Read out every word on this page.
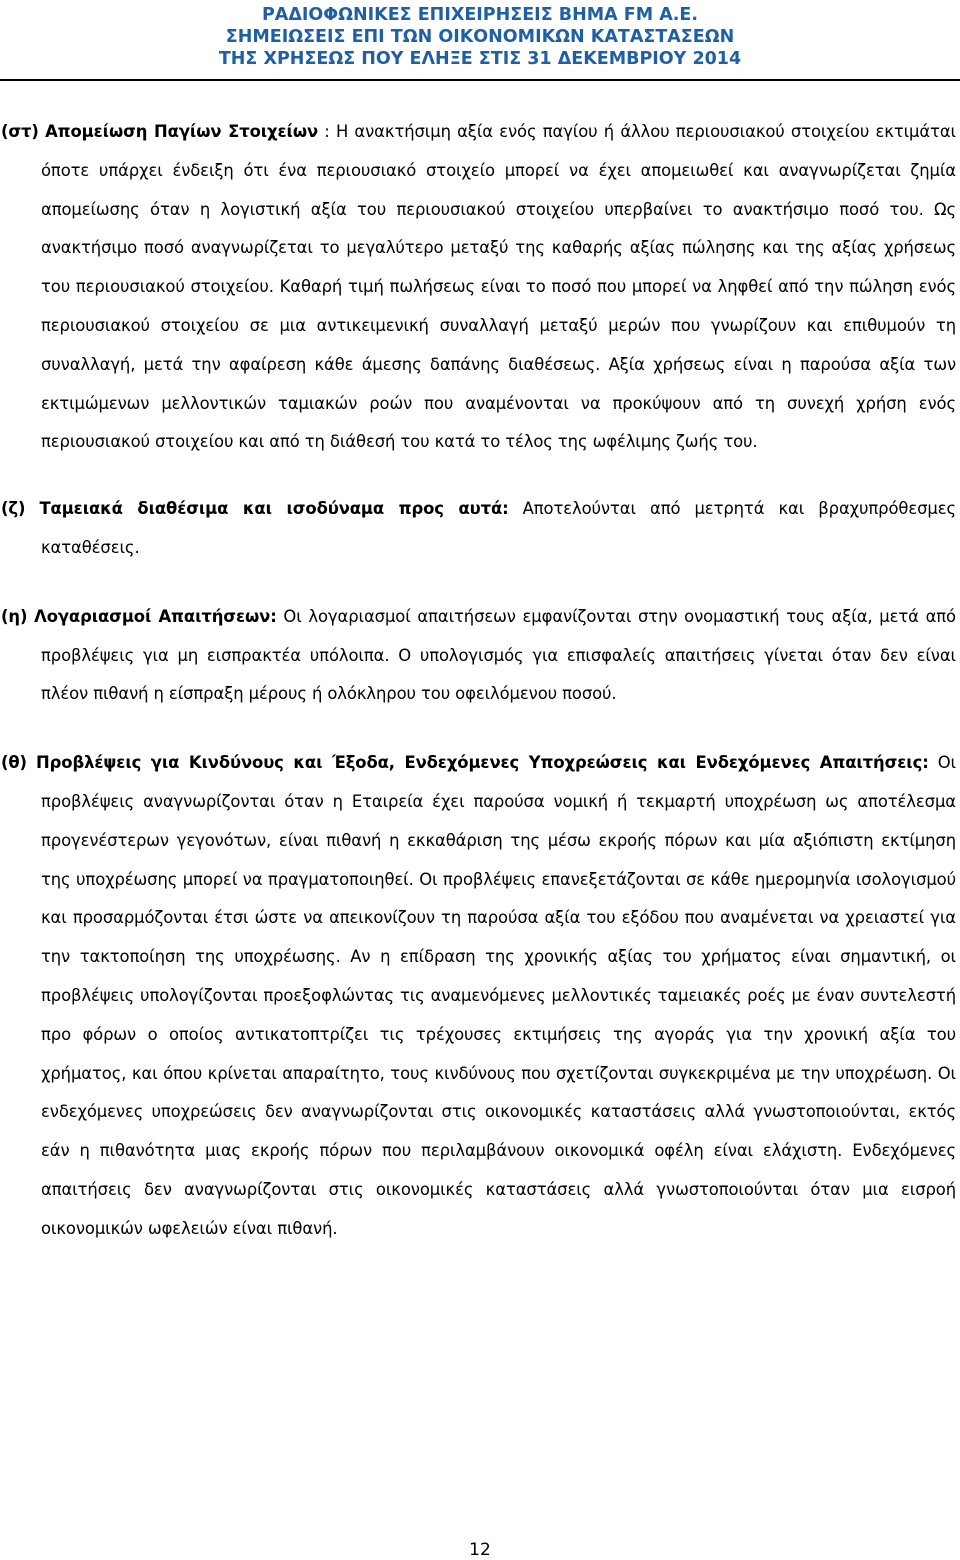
ΡΑΔΙΟΦΩΝΙΚΕΣ ΕΠΙΧΕΙΡΗΣΕΙΣ ΒΗΜΑ FM Α.Ε.
ΣΗΜΕΙΩΣΕΙΣ ΕΠΙ ΤΩΝ ΟΙΚΟΝΟΜΙΚΩΝ ΚΑΤΑΣΤΑΣΕΩΝ
ΤΗΣ ΧΡΗΣΕΩΣ ΠΟΥ ΕΛΗΞΕ ΣΤΙΣ 31 ΔΕΚΕΜΒΡΙΟΥ 2014

(στ) Απομείωση Παγίων Στοιχείων : Η ανακτήσιμη αξία ενός παγίου ή άλλου περιουσιακού στοιχείου εκτιμάται όποτε υπάρχει ένδειξη ότι ένα περιουσιακό στοιχείο μπορεί να έχει απομειωθεί και αναγνωρίζεται ζημία απομείωσης όταν η λογιστική αξία του περιουσιακού στοιχείου υπερβαίνει το ανακτήσιμο ποσό του. Ως ανακτήσιμο ποσό αναγνωρίζεται το μεγαλύτερο μεταξύ της καθαρής αξίας πώλησης και της αξίας χρήσεως του περιουσιακού στοιχείου. Καθαρή τιμή πωλήσεως είναι το ποσό που μπορεί να ληφθεί από την πώληση ενός περιουσιακού στοιχείου σε μια αντικειμενική συναλλαγή μεταξύ μερών που γνωρίζουν και επιθυμούν τη συναλλαγή, μετά την αφαίρεση κάθε άμεσης δαπάνης διαθέσεως. Αξία χρήσεως είναι η παρούσα αξία των εκτιμώμενων μελλοντικών ταμιακών ροών που αναμένονται να προκύψουν από τη συνεχή χρήση ενός περιουσιακού στοιχείου και από τη διάθεσή του κατά το τέλος της ωφέλιμης ζωής του.

(ζ) Ταμειακά διαθέσιμα και ισοδύναμα προς αυτά: Αποτελούνται από μετρητά και βραχυπρόθεσμες καταθέσεις.

(η) Λογαριασμοί Απαιτήσεων: Οι λογαριασμοί απαιτήσεων εμφανίζονται στην ονομαστική τους αξία, μετά από προβλέψεις για μη εισπρακτέα υπόλοιπα. Ο υπολογισμός για επισφαλείς απαιτήσεις γίνεται όταν δεν είναι πλέον πιθανή η είσπραξη μέρους ή ολόκληρου του οφειλόμενου ποσού.

(θ) Προβλέψεις για Κινδύνους και Έξοδα, Ενδεχόμενες Υποχρεώσεις και Ενδεχόμενες Απαιτήσεις: Οι προβλέψεις αναγνωρίζονται όταν η Εταιρεία έχει παρούσα νομική ή τεκμαρτή υποχρέωση ως αποτέλεσμα προγενέστερων γεγονότων, είναι πιθανή η εκκαθάριση της μέσω εκροής πόρων και μία αξιόπιστη εκτίμηση της υποχρέωσης μπορεί να πραγματοποιηθεί. Οι προβλέψεις επανεξετάζονται σε κάθε ημερομηνία ισολογισμού και προσαρμόζονται έτσι ώστε να απεικονίζουν τη παρούσα αξία του εξόδου που αναμένεται να χρειαστεί για την τακτοποίηση της υποχρέωσης. Αν η επίδραση της χρονικής αξίας του χρήματος είναι σημαντική, οι προβλέψεις υπολογίζονται προεξοφλώντας τις αναμενόμενες μελλοντικές ταμειακές ροές με έναν συντελεστή προ φόρων ο οποίος αντικατοπτρίζει τις τρέχουσες εκτιμήσεις της αγοράς για την χρονική αξία του χρήματος, και όπου κρίνεται απαραίτητο, τους κινδύνους που σχετίζονται συγκεκριμένα με την υποχρέωση. Οι ενδεχόμενες υποχρεώσεις δεν αναγνωρίζονται στις οικονομικές καταστάσεις αλλά γνωστοποιούνται, εκτός εάν η πιθανότητα μιας εκροής πόρων που περιλαμβάνουν οικονομικά οφέλη είναι ελάχιστη. Ενδεχόμενες απαιτήσεις δεν αναγνωρίζονται στις οικονομικές καταστάσεις αλλά γνωστοποιούνται όταν μια εισροή οικονομικών ωφελειών είναι πιθανή.

12
